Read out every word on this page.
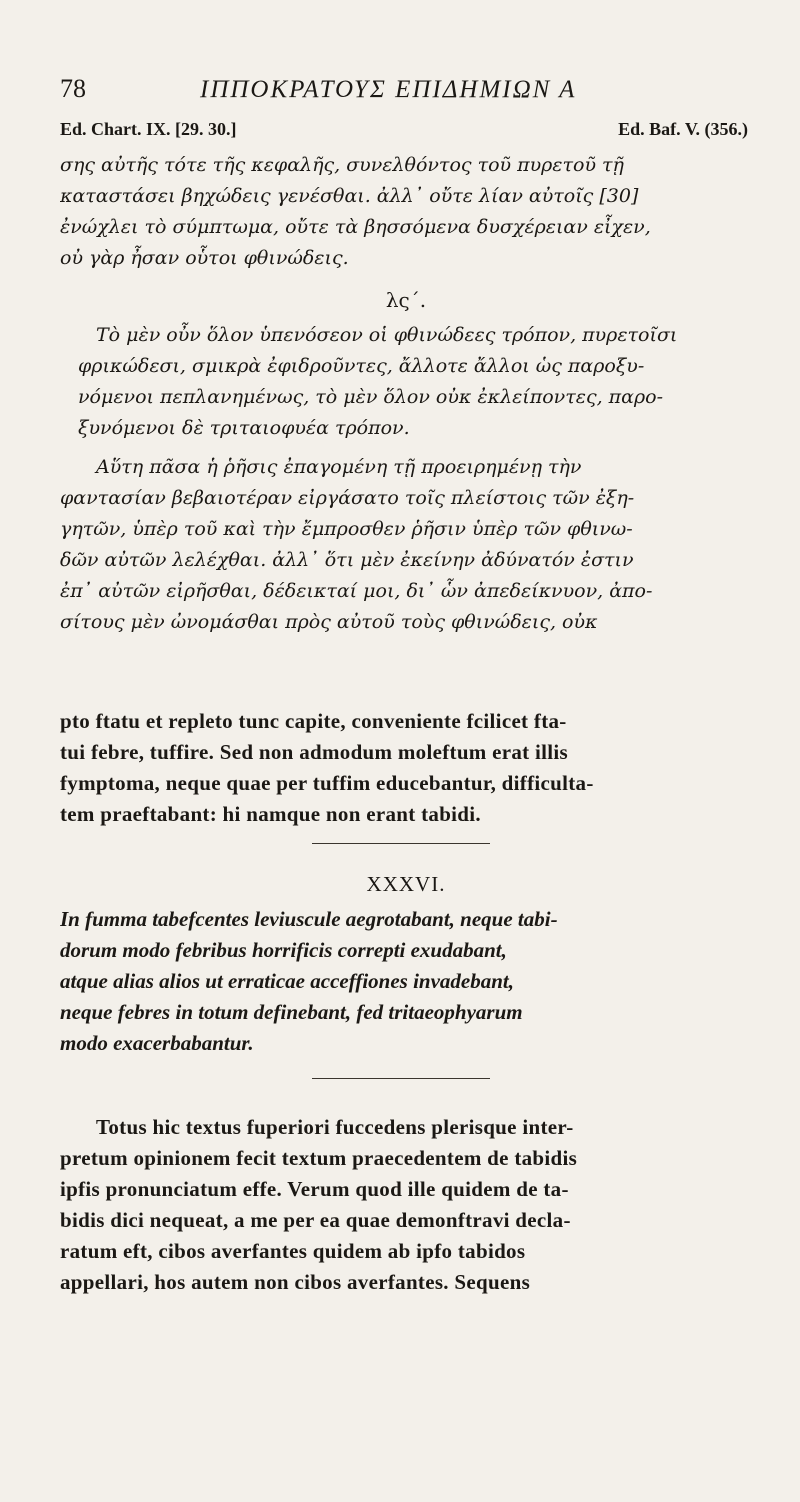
78	ΙΠΠΟΚΡΑΤΟΥΣ ΕΠΙΔΗΜΙΩΝ Α
Ed. Chart. IX. [29. 30.]	Ed. Baf. V. (356.)
σης αὐτῆς τότε τῆς κεφαλῆς, συνελθόντος τοῦ πυρετοῦ τῇ
καταστάσει βηχώδεις γενέσθαι. ἀλλ᾽ οὔτε λίαν αὐτοῖς [30]
ἐνώχλει τὸ σύμπτωμα, οὔτε τὰ βησσόμενα δυσχέρειαν εἶχεν,
οὐ γὰρ ἦσαν οὗτοι φθινώδεις.
λς΄.
Τὸ μὲν οὖν ὅλον ὑπενόσεον οἱ φθινώδεες τρόπον, πυρετοῖσι
φρικώδεσι, σμικρὰ ἐφιδροῦντες, ἄλλοτε ἄλλοι ὡς παροξυ-
νόμενοι πεπλανημένως, τὸ μὲν ὅλον οὐκ ἐκλείποντες, παρο-
ξυνόμενοι δὲ τριταιοφυέα τρόπον.
Αὕτη πᾶσα ἡ ῥῆσις ἐπαγομένη τῇ προειρημένῃ τὴν
φαντασίαν βεβαιοτέραν εἰργάσατο τοῖς πλείστοις τῶν ἐξη-
γητῶν, ὑπὲρ τοῦ καὶ τὴν ἔμπροσθεν ῥῆσιν ὑπὲρ τῶν φθινω-
δῶν αὐτῶν λελέχθαι. ἀλλ᾽ ὅτι μὲν ἐκείνην ἀδύνατόν ἐστιν
ἐπ᾽ αὐτῶν εἰρῆσθαι, δέδεικταί μοι, δι᾽ ὧν ἀπεδείκνυον, ἀπο-
σίτους μὲν ὠνομάσθαι πρὸς αὐτοῦ τοὺς φθινώδεις, οὐκ
pto ftatu et repleto tunc capite, conveniente fcilicet fta-
tui febre, tuffire. Sed non admodum moleftum erat illis
fymptoma, neque quae per tuffim educebantur, difficulta-
tem praeftabant: hi namque non erant tabidi.
XXXVI.
In fumma tabefcentes leviuscule aegrotabant, neque tabi-
dorum modo febribus horrificis correpti exudabant,
atque alias alios ut erraticae acceffiones invadebant,
neque febres in totum definebant, fed tritaeophyarum
modo exacerbabantur.
Totus hic textus fuperiori fuccedens plerisque inter-
pretum opinionem fecit textum praecedentem de tabidis
ipfis pronunciatum effe. Verum quod ille quidem de ta-
bidis dici nequeat, a me per ea quae demonftravi decla-
ratum eft, cibos averfantes quidem ab ipfo tabidos
appellari, hos autem non cibos averfantes. Sequens
